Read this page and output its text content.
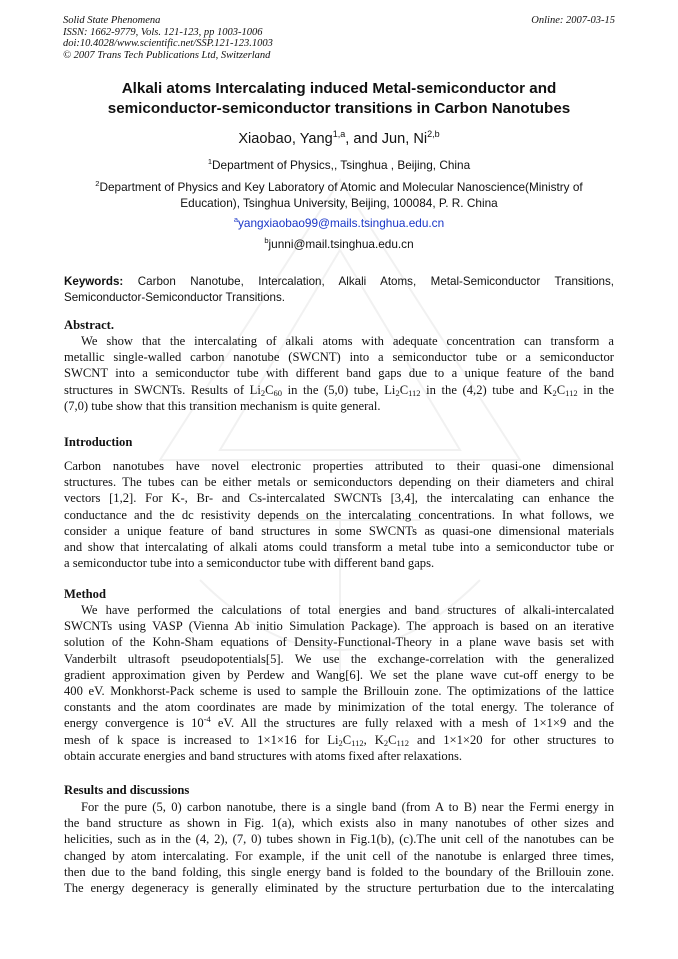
Solid State Phenomena
ISSN: 1662-9779, Vols. 121-123, pp 1003-1006
doi:10.4028/www.scientific.net/SSP.121-123.1003
© 2007 Trans Tech Publications Ltd, Switzerland
Online: 2007-03-15
Alkali atoms Intercalating induced Metal-semiconductor and
semiconductor-semiconductor transitions in Carbon Nanotubes
Xiaobao, Yang$^{1,a}$, and Jun, Ni$^{2,b}$
$^1$Department of Physics,, Tsinghua , Beijing, China
$^2$Department of Physics and Key Laboratory of Atomic and Molecular Nanoscience(Ministry of
Education), Tsinghua University, Beijing, 100084, P. R. China
$^a$yangxiaobao99@mails.tsinghua.edu.cn
$^b$junni@mail.tsinghua.edu.cn
Keywords: Carbon Nanotube, Intercalation, Alkali Atoms, Metal-Semiconductor Transitions,
Semiconductor-Semiconductor Transitions.
Abstract.
We show that the intercalating of alkali atoms with adequate concentration can transform a
metallic single-walled carbon nanotube (SWCNT) into a semiconductor tube or a semiconductor
SWCNT into a semiconductor tube with different band gaps due to a unique feature of the band
structures in SWCNTs. Results of $Li_2C_{60}$ in the (5,0) tube, $Li_2C_{112}$ in the (4,2) tube and $K_2C_{112}$ in the
(7,0) tube show that this transition mechanism is quite general.
Introduction
Carbon nanotubes have novel electronic properties attributed to their quasi-one dimensional
structures. The tubes can be either metals or semiconductors depending on their diameters and chiral
vectors [1,2]. For K-, Br- and Cs-intercalated SWCNTs [3,4], the intercalating can enhance the
conductance and the dc resistivity depends on the intercalating concentrations. In what follows, we
consider a unique feature of band structures in some SWCNTs as quasi-one dimensional materials
and show that intercalating of alkali atoms could transform a metal tube into a semiconductor tube or
a semiconductor tube into a semiconductor tube with different band gaps.
Method
We have performed the calculations of total energies and band structures of alkali-intercalated
SWCNTs using VASP (Vienna Ab initio Simulation Package). The approach is based on an iterative
solution of the Kohn-Sham equations of Density-Functional-Theory in a plane wave basis set with
Vanderbilt ultrasoft pseudopotentials[5]. We use the exchange-correlation with the generalized
gradient approximation given by Perdew and Wang[6]. We set the plane wave cut-off energy to be
400 eV. Monkhorst-Pack scheme is used to sample the Brillouin zone. The optimizations of the lattice
constants and the atom coordinates are made by minimization of the total energy. The tolerance of
energy convergence is $10^{-4}$ eV. All the structures are fully relaxed with a mesh of 1×1×9 and the
mesh of k space is increased to 1×1×16 for $Li_2C_{112}$, $K_2C_{112}$ and 1×1×20 for other structures to
obtain accurate energies and band structures with atoms fixed after relaxations.
Results and discussions
For the pure (5, 0) carbon nanotube, there is a single band (from A to B) near the Fermi energy in
the band structure as shown in Fig. 1(a), which exists also in many nanotubes of other sizes and
helicities, such as in the (4, 2), (7, 0) tubes shown in Fig.1(b), (c).The unit cell of the nanotubes can be
changed by atom intercalating. For example, if the unit cell of the nanotube is enlarged three times,
then due to the band folding, this single energy band is folded to the boundary of the Brillouin zone.
The energy degeneracy is generally eliminated by the structure perturbation due to the intercalating
